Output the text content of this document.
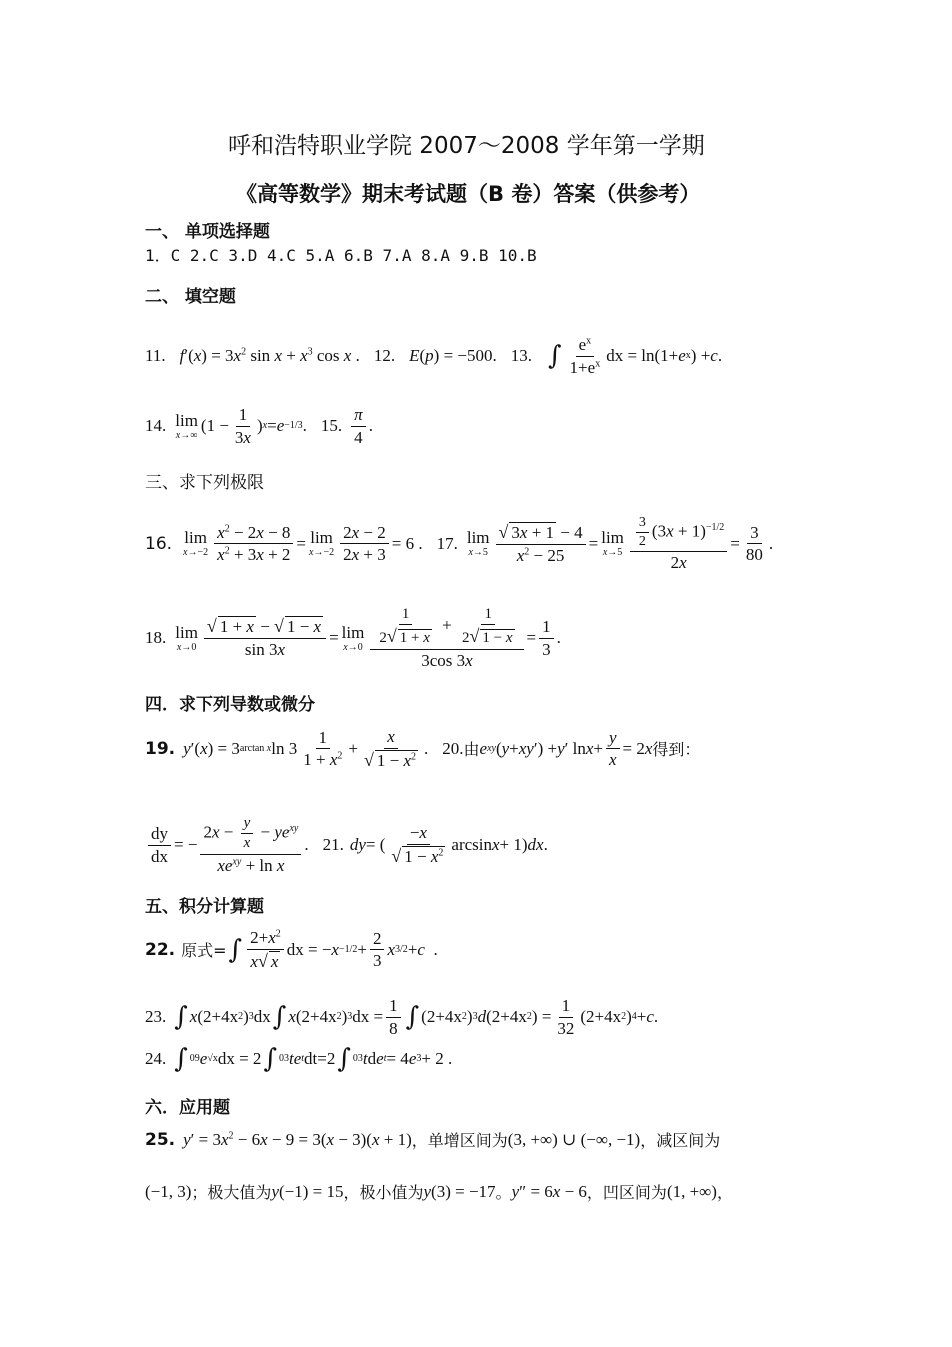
呼和浩特职业学院 2007～2008 学年第一学期
《高等数学》期末考试题（B 卷）答案（供参考）
一、 单项选择题
1．C 2.C 3.D 4.C 5.A 6.B 7.A 8.A 9.B 10.B
二、 填空题
11. $f'(x) = 3x^2$ $\sin x + x^3$ cos x . 12. E(p) = −500. 13. ∫ $\frac{e^x}{1+e^x}$ dx = ln(1+ e x ) + c .
14. lim
x→∞ ($1 - \frac{1}{3x}$ ) x = e −1/3 . 15. $\frac{\pi}{4}$ .
三、求下列极限
16. lim
$x\to-2 \frac{x^2 - 2x - 8}{x^2 + 3x + 2} = \lim$
$x\to-2 \frac{2x - 2}{2x + 3} = 6$ . 17. lim
$x\to 5 \frac{√ 3x + 1 - 4}{x^2 - 25} = \lim$
$x\to 5 \frac{\frac{3}{2} (3x + 1)^{-1/2}}{2x} = \frac{3}{80}$ .
18. lim
$x\to 0 \frac{√ 1 + x - √ 1 - x}{\sin 3x} = \lim$
$x\to 0 \frac{\frac{1}{2√ 1 + x} + \frac{1}{2√ 1 - x}}{3\cos 3x} = \frac{1}{3}$ .
四．求下列导数或微分
19. y ′( x ) = 3 arctan x $\ln 3 \frac{1}{1 + x^2} + \frac{x}{√ 1 - x^2}$ . 20. 由 e xy ( y + xy ′) + y ′ $\ln x + \frac{y}{x} = 2$ x 得到：
$\frac{dy}{dx}$ = − $\frac{2x - \frac{y}{x} - ye^{xy}}{xe^{xy} + \ln x}$ . 21. dy = ( $\frac{-x}{√ 1 - x^2}$ arcsin x + 1) dx .
五、积分计算题
22. 原式= ∫ $\frac{2+x^2}{x√ x}$ dx = − $x -1/2 + \frac{2}{3}$ x 3/2 + c .
23. ∫ x (2+4x 2 ) 3 dx ∫ x (2+4x 2 ) 3 dx = $\frac{1}{8}$ ∫ (2+4x 2 ) 3 d (2+4x 2 ) = $\frac{1}{32} (2+4x$ 2 ) 4 + c .
24. ∫ 0 9 e √x dx = 2 ∫ 0 3 te t dt=2 ∫ 0 3 t d e t = 4 e 3 + 2 .
六．应用题
25. $y' = 3x^2 - 6x - 9 = 3(x - 3)(x + 1)$ ，单增区间为 (3, +∞) ∪ (−∞, −1) ，减区间为
(−1, 3) ；极大值为 y(−1) = 15 ，极小值为 y(3) = −17 。 y″ = 6x − 6 ，凹区间为 (1, +∞) ，
